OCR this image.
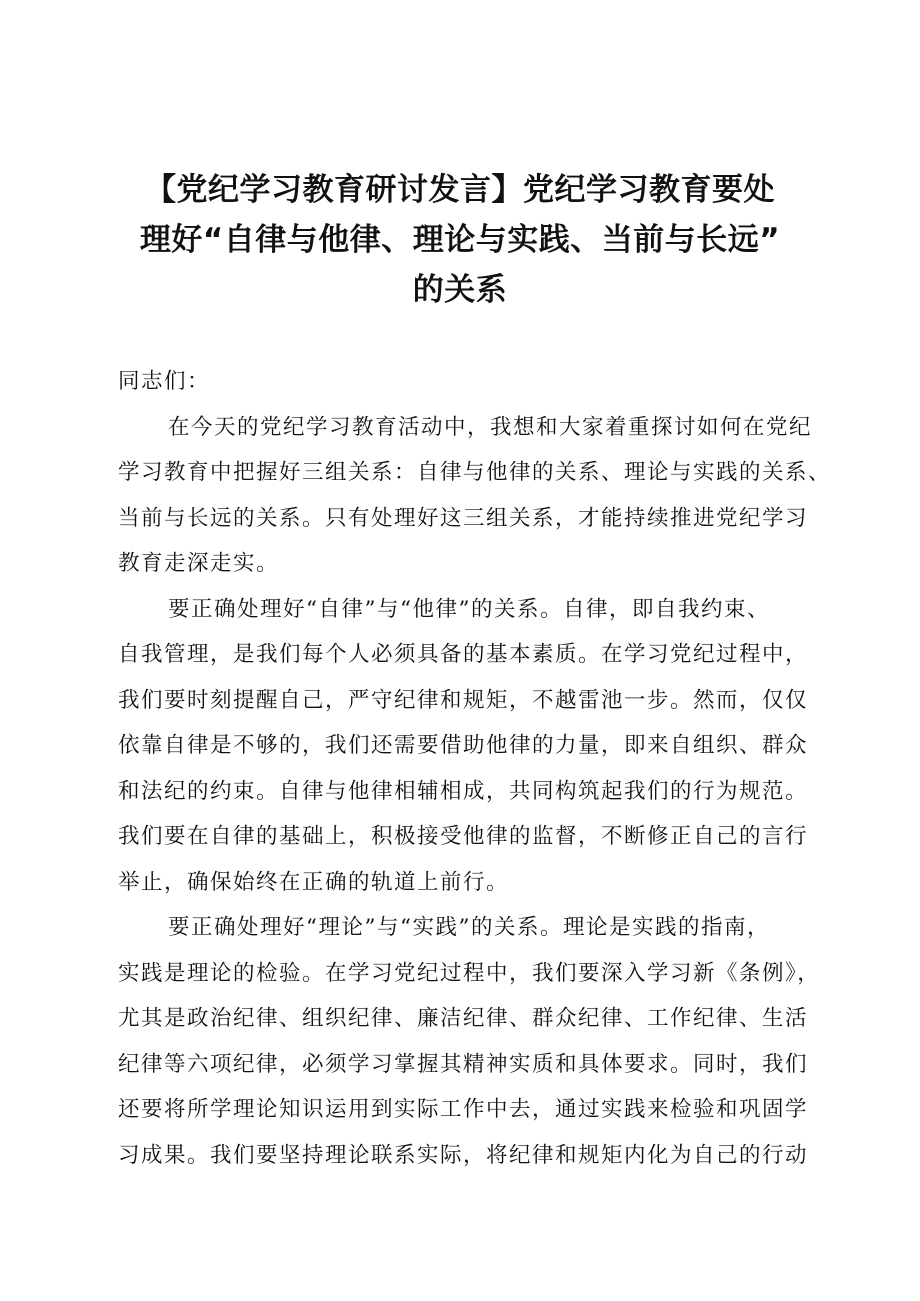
【党纪学习教育研讨发言】党纪学习教育要处
理好“自律与他律、理论与实践、当前与长远”
的关系

同志们：

在今天的党纪学习教育活动中，我想和大家着重探讨如何在党纪
学习教育中把握好三组关系：自律与他律的关系、理论与实践的关系、
当前与长远的关系。只有处理好这三组关系，才能持续推进党纪学习
教育走深走实。

要正确处理好“自律”与“他律”的关系。自律，即自我约束、
自我管理，是我们每个人必须具备的基本素质。在学习党纪过程中，
我们要时刻提醒自己，严守纪律和规矩，不越雷池一步。然而，仅仅
依靠自律是不够的，我们还需要借助他律的力量，即来自组织、群众
和法纪的约束。自律与他律相辅相成，共同构筑起我们的行为规范。
我们要在自律的基础上，积极接受他律的监督，不断修正自己的言行
举止，确保始终在正确的轨道上前行。

要正确处理好“理论”与“实践”的关系。理论是实践的指南，
实践是理论的检验。在学习党纪过程中，我们要深入学习新《条例》，
尤其是政治纪律、组织纪律、廉洁纪律、群众纪律、工作纪律、生活
纪律等六项纪律，必须学习掌握其精神实质和具体要求。同时，我们
还要将所学理论知识运用到实际工作中去，通过实践来检验和巩固学
习成果。我们要坚持理论联系实际，将纪律和规矩内化为自己的行动
